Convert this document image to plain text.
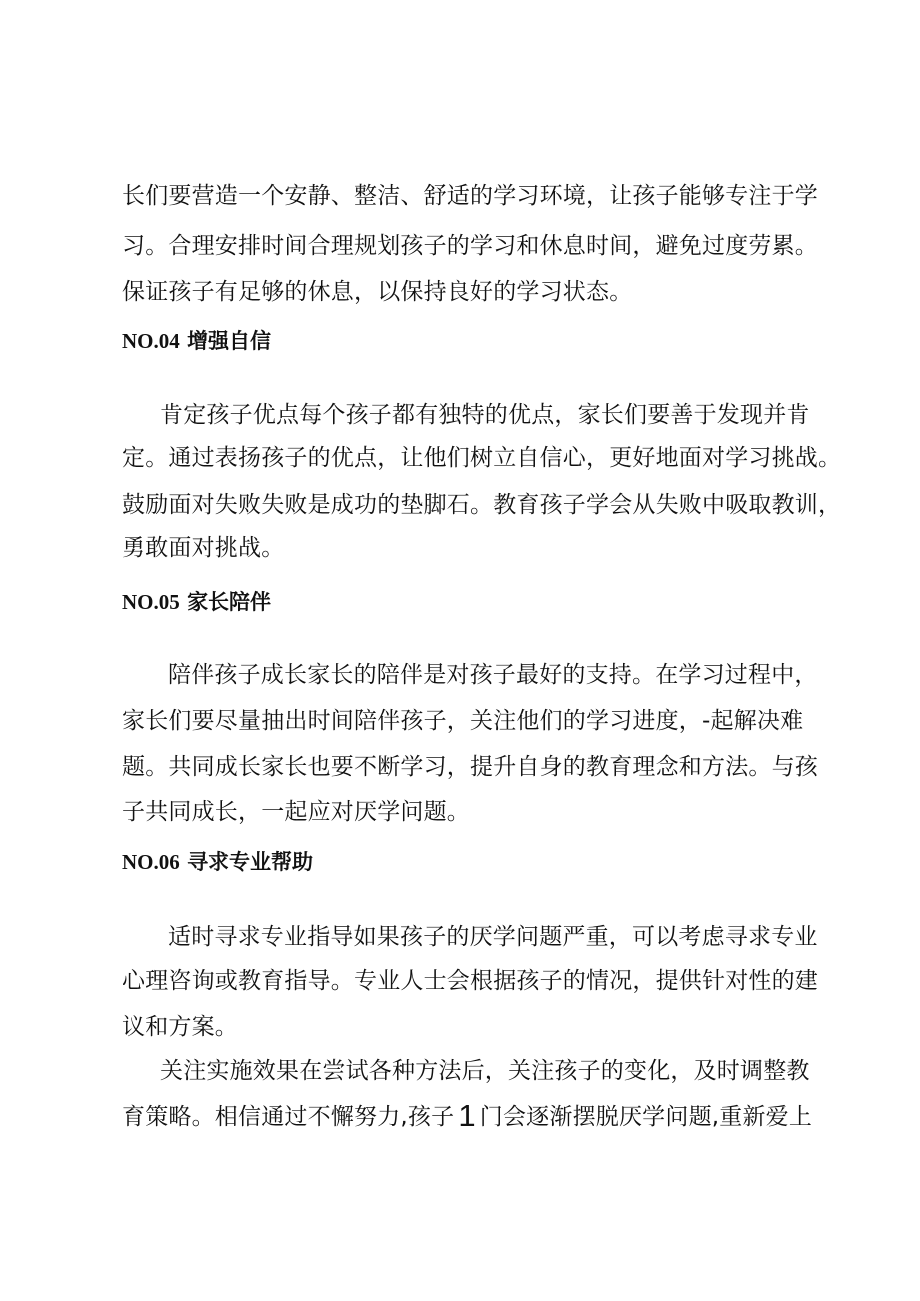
长们要营造一个安静、整洁、舒适的学习环境，让孩子能够专注于学
习。合理安排时间合理规划孩子的学习和休息时间，避免过度劳累。
保证孩子有足够的休息，以保持良好的学习状态。
NO.04 增强自信
肯定孩子优点每个孩子都有独特的优点，家长们要善于发现并肯
定。通过表扬孩子的优点，让他们树立自信心，更好地面对学习挑战。
鼓励面对失败失败是成功的垫脚石。教育孩子学会从失败中吸取教训，
勇敢面对挑战。
NO.05 家长陪伴
陪伴孩子成长家长的陪伴是对孩子最好的支持。在学习过程中，
家长们要尽量抽出时间陪伴孩子，关注他们的学习进度，-起解决难
题。共同成长家长也要不断学习，提升自身的教育理念和方法。与孩
子共同成长，一起应对厌学问题。
NO.06 寻求专业帮助
适时寻求专业指导如果孩子的厌学问题严重，可以考虑寻求专业
心理咨询或教育指导。专业人士会根据孩子的情况，提供针对性的建
议和方案。
关注实施效果在尝试各种方法后，关注孩子的变化，及时调整教
育策略。相信通过不懈努力,孩子 1 门会逐渐摆脱厌学问题,重新爱上
